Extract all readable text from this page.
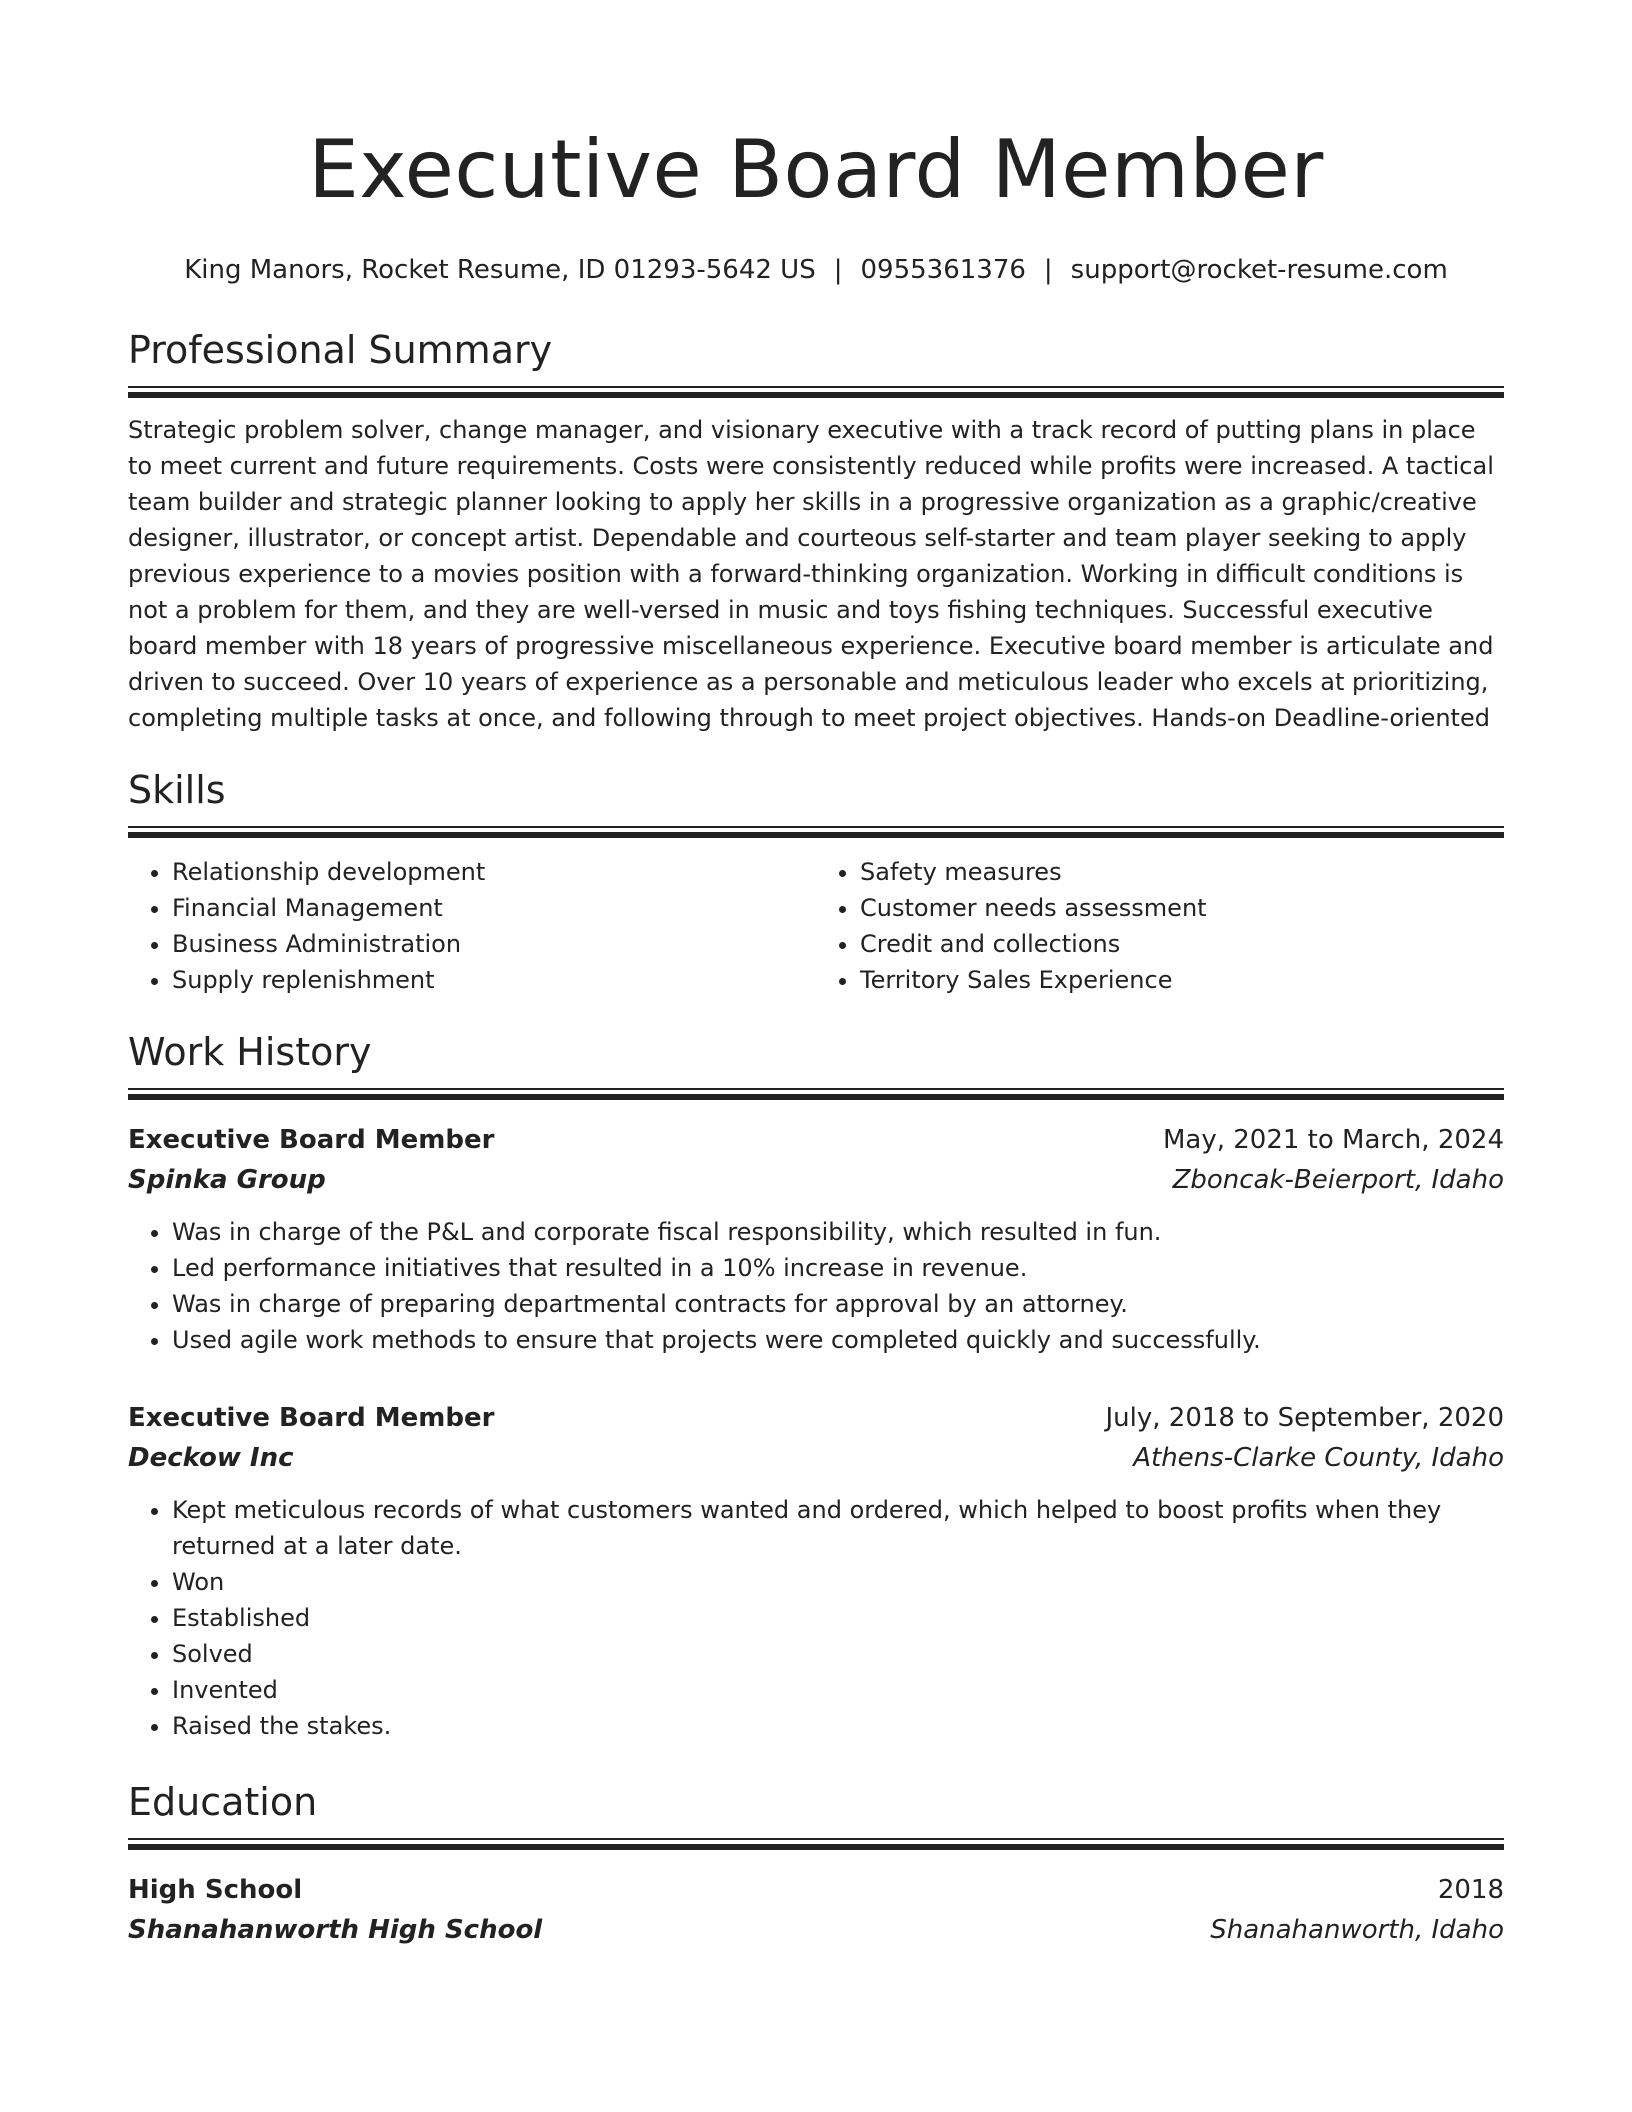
Executive Board Member
King Manors, Rocket Resume, ID 01293-5642 US | 0955361376 | support@rocket-resume.com
Professional Summary

Strategic problem solver, change manager, and visionary executive with a track record of putting plans in place to meet current and future requirements. Costs were consistently reduced while profits were increased. A tactical team builder and strategic planner looking to apply her skills in a progressive organization as a graphic/creative designer, illustrator, or concept artist. Dependable and courteous self-starter and team player seeking to apply previous experience to a movies position with a forward-thinking organization. Working in difficult conditions is not a problem for them, and they are well-versed in music and toys fishing techniques. Successful executive board member with 18 years of progressive miscellaneous experience. Executive board member is articulate and driven to succeed. Over 10 years of experience as a personable and meticulous leader who excels at prioritizing, completing multiple tasks at once, and following through to meet project objectives. Hands-on Deadline-oriented

Skills
• Relationship development
• Financial Management
• Business Administration
• Supply replenishment
• Safety measures
• Customer needs assessment
• Credit and collections
• Territory Sales Experience
Work History
Executive Board Member	May, 2021 to March, 2024
Spinka Group	Zboncak-Beierport, Idaho
• Was in charge of the P&L and corporate fiscal responsibility, which resulted in fun.
• Led performance initiatives that resulted in a 10% increase in revenue.
• Was in charge of preparing departmental contracts for approval by an attorney.
• Used agile work methods to ensure that projects were completed quickly and successfully.
Executive Board Member	July, 2018 to September, 2020
Deckow Inc	Athens-Clarke County, Idaho
• Kept meticulous records of what customers wanted and ordered, which helped to boost profits when they returned at a later date.
• Won
• Established
• Solved
• Invented
• Raised the stakes.
Education
High School	2018
Shanahanworth High School	Shanahanworth, Idaho
